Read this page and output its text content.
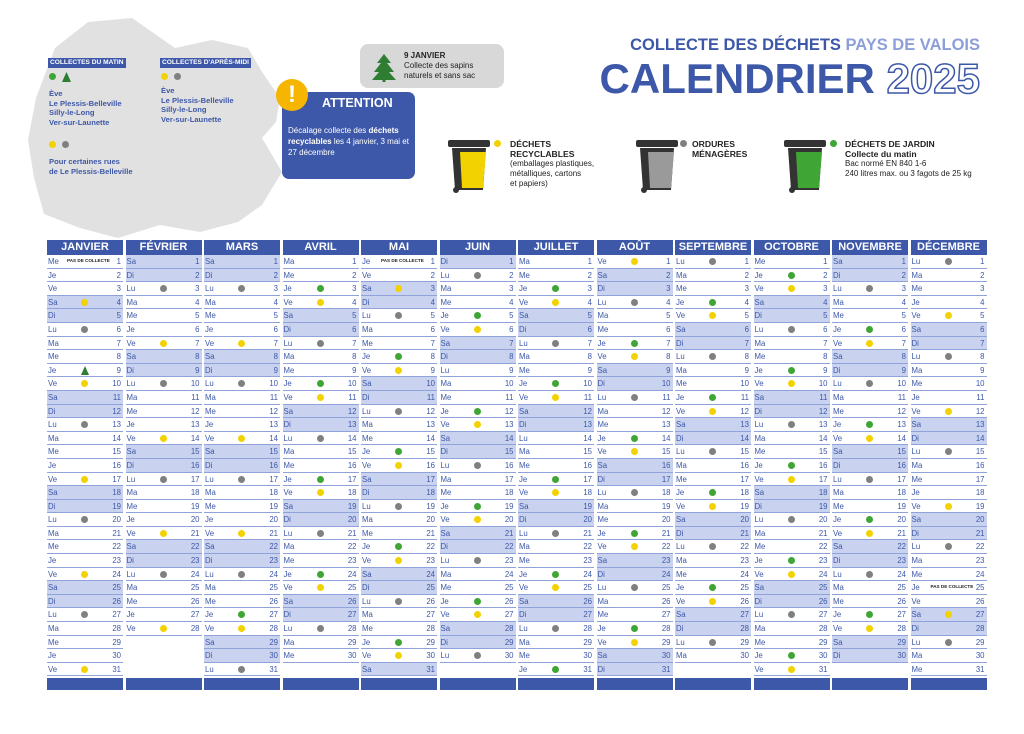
COLLECTES DU MATIN
Ève
Le Plessis-Belleville
Silly-le-Long
Ver-sur-Launette
Pour certaines rues
de Le Plessis-Belleville
COLLECTES D'APRÈS-MIDI
Ève
Le Plessis-Belleville
Silly-le-Long
Ver-sur-Launette
9 JANVIER
Collecte des sapins
naturels et sans sac
!	ATTENTION
Décalage collecte des déchets recyclables les 4 janvier, 3 mai et 27 décembre
COLLECTE DES DÉCHETS PAYS DE VALOIS
CALENDRIER 2025
DÉCHETS
RECYCLABLES
(emballages plastiques,
métalliques, cartons
et papiers)
ORDURES
MÉNAGÈRES
DÉCHETS DE JARDIN
Collecte du matin
Bac normé EN 840 1-6
240 litres max. ou 3 fagots de 25 kg
JANVIER
Me PAS DE COLLECTE 1
Je	2
Ve	3
Sa	4
Di	5
Lu	6
Ma	7
Me	8
Je	9
Ve	10
Sa	11
Di	12
Lu	13
Ma	14
Me	15
Je	16
Ve	17
Sa	18
Di	19
Lu	20
Ma	21
Me	22
Je	23
Ve	24
Sa	25
Di	26
Lu	27
Ma	28
Me	29
Je	30
Ve	31
FÉVRIER
Sa	1
Di	2
Lu	3
Ma	4
Me	5
Je	6
Ve	7
Sa	8
Di	9
Lu	10
Ma	11
Me	12
Je	13
Ve	14
Sa	15
Di	16
Lu	17
Ma	18
Me	19
Je	20
Ve	21
Sa	22
Di	23
Lu	24
Ma	25
Me	26
Je	27
Ve	28
MARS
Sa	1
Di	2
Lu	3
Ma	4
Me	5
Je	6
Ve	7
Sa	8
Di	9
Lu	10
Ma	11
Me	12
Je	13
Ve	14
Sa	15
Di	16
Lu	17
Ma	18
Me	19
Je	20
Ve	21
Sa	22
Di	23
Lu	24
Ma	25
Me	26
Je	27
Ve	28
Sa	29
Di	30
Lu	31
AVRIL
Ma	1
Me	2
Je	3
Ve	4
Sa	5
Di	6
Lu	7
Ma	8
Me	9
Je	10
Ve	11
Sa	12
Di	13
Lu	14
Ma	15
Me	16
Je	17
Ve	18
Sa	19
Di	20
Lu	21
Ma	22
Me	23
Je	24
Ve	25
Sa	26
Di	27
Lu	28
Ma	29
Me	30
MAI
Je PAS DE COLLECTE 1
Ve	2
Sa	3
Di	4
Lu	5
Ma	6
Me	7
Je	8
Ve	9
Sa	10
Di	11
Lu	12
Ma	13
Me	14
Je	15
Ve	16
Sa	17
Di	18
Lu	19
Ma	20
Me	21
Je	22
Ve	23
Sa	24
Di	25
Lu	26
Ma	27
Me	28
Je	29
Ve	30
Sa	31
JUIN
Di	1
Lu	2
Ma	3
Me	4
Je	5
Ve	6
Sa	7
Di	8
Lu	9
Ma	10
Me	11
Je	12
Ve	13
Sa	14
Di	15
Lu	16
Ma	17
Me	18
Je	19
Ve	20
Sa	21
Di	22
Lu	23
Ma	24
Me	25
Je	26
Ve	27
Sa	28
Di	29
Lu	30
JUILLET
Ma	1
Me	2
Je	3
Ve	4
Sa	5
Di	6
Lu	7
Ma	8
Me	9
Je	10
Ve	11
Sa	12
Di	13
Lu	14
Ma	15
Me	16
Je	17
Ve	18
Sa	19
Di	20
Lu	21
Ma	22
Me	23
Je	24
Ve	25
Sa	26
Di	27
Lu	28
Ma	29
Me	30
Je	31
AOÛT
Ve	1
Sa	2
Di	3
Lu	4
Ma	5
Me	6
Je	7
Ve	8
Sa	9
Di	10
Lu	11
Ma	12
Me	13
Je	14
Ve	15
Sa	16
Di	17
Lu	18
Ma	19
Me	20
Je	21
Ve	22
Sa	23
Di	24
Lu	25
Ma	26
Me	27
Je	28
Ve	29
Sa	30
Di	31
SEPTEMBRE
Lu	1
Ma	2
Me	3
Je	4
Ve	5
Sa	6
Di	7
Lu	8
Ma	9
Me	10
Je	11
Ve	12
Sa	13
Di	14
Lu	15
Ma	16
Me	17
Je	18
Ve	19
Sa	20
Di	21
Lu	22
Ma	23
Me	24
Je	25
Ve	26
Sa	27
Di	28
Lu	29
Ma	30
OCTOBRE
Me	1
Je	2
Ve	3
Sa	4
Di	5
Lu	6
Ma	7
Me	8
Je	9
Ve	10
Sa	11
Di	12
Lu	13
Ma	14
Me	15
Je	16
Ve	17
Sa	18
Di	19
Lu	20
Ma	21
Me	22
Je	23
Ve	24
Sa	25
Di	26
Lu	27
Ma	28
Me	29
Je	30
Ve	31
NOVEMBRE
Sa	1
Di	2
Lu	3
Ma	4
Me	5
Je	6
Ve	7
Sa	8
Di	9
Lu	10
Ma	11
Me	12
Je	13
Ve	14
Sa	15
Di	16
Lu	17
Ma	18
Me	19
Je	20
Ve	21
Sa	22
Di	23
Lu	24
Ma	25
Me	26
Je	27
Ve	28
Sa	29
Di	30
DÉCEMBRE
Lu	1
Ma	2
Me	3
Je	4
Ve	5
Sa	6
Di	7
Lu	8
Ma	9
Me	10
Je	11
Ve	12
Sa	13
Di	14
Lu	15
Ma	16
Me	17
Je	18
Ve	19
Sa	20
Di	21
Lu	22
Ma	23
Me	24
Je PAS DE COLLECTE 25
Ve	26
Sa	27
Di	28
Lu	29
Ma	30
Me	31
